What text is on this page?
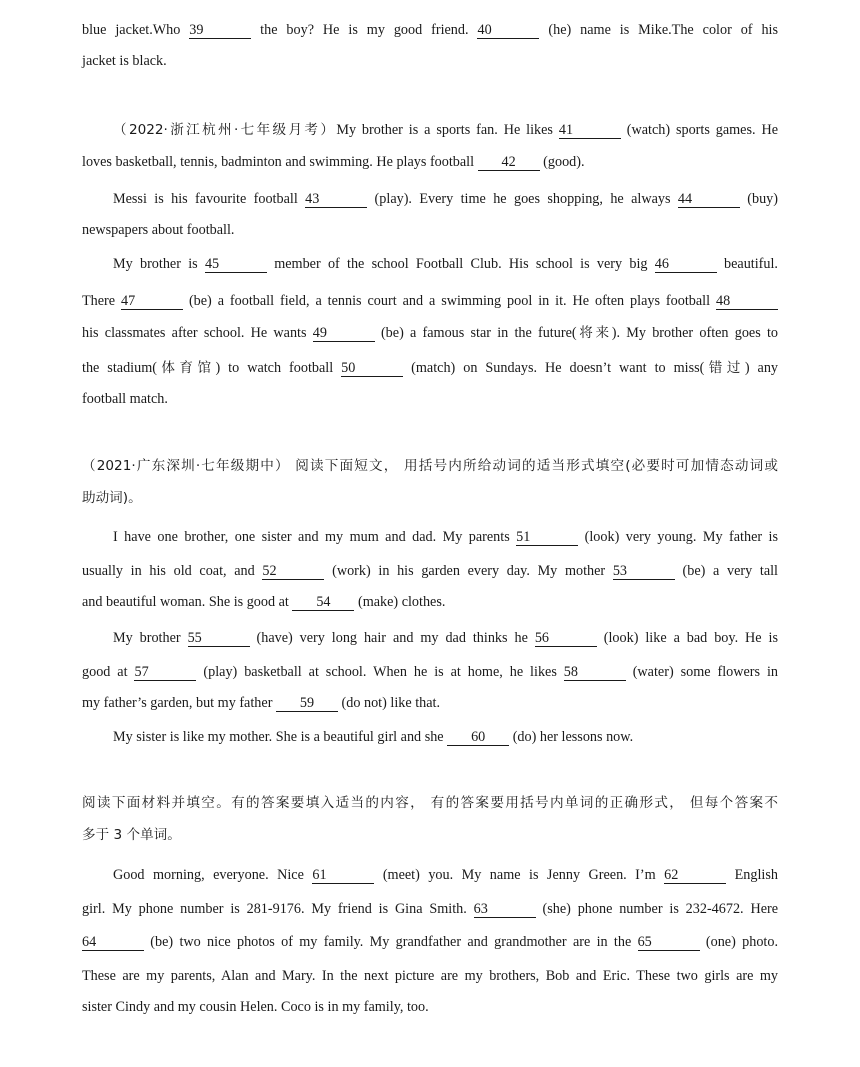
blue jacket.Who 39	the boy? He is my good friend. 40	(he) name is Mike.The color of his
jacket is black.
（2022·浙江杭州·七年级月考）My brother is a sports fan. He likes 41	(watch) sports games. He
loves basketball, tennis, badminton and swimming. He plays football 42 (good).
Messi is his favourite football 43	(play). Every time he goes shopping, he always 44	(buy)
newspapers about football.
My brother is 45	member of the school Football Club. His school is very big 46	beautiful.
There 47	(be) a football field, a tennis court and a swimming pool in it. He often plays football 48
his classmates after school. He wants 49	(be) a famous star in the future(将来). My brother often goes to
the stadium(体育馆) to watch football 50	(match) on Sundays. He doesn’t want to miss(错过) any
football match.
（2021·广东深圳·七年级期中） 阅读下面短文， 用括号内所给动词的适当形式填空(必要时可加情态动词或
助动词)。
I have one brother, one sister and my mum and dad. My parents 51	(look) very young. My father is
usually in his old coat, and 52	(work) in his garden every day. My mother 53	(be) a very tall
and beautiful woman. She is good at 54 (make) clothes.
My brother 55	(have) very long hair and my dad thinks he 56	(look) like a bad boy. He is
good at 57	(play) basketball at school. When he is at home, he likes 58	(water) some flowers in
my father’s garden, but my father 59 (do not) like that.
My sister is like my mother. She is a beautiful girl and she 60 (do) her lessons now.
阅读下面材料并填空。有的答案要填入适当的内容， 有的答案要用括号内单词的正确形式， 但每个答案不
多于 3 个单词。
Good morning, everyone. Nice 61	(meet) you. My name is Jenny Green. I’m 62	English
girl. My phone number is 281-9176. My friend is Gina Smith. 63	(she) phone number is 232-4672. Here
64	(be) two nice photos of my family. My grandfather and grandmother are in the 65	(one) photo.
These are my parents, Alan and Mary. In the next picture are my brothers, Bob and Eric. These two girls are my
sister Cindy and my cousin Helen. Coco is in my family, too.
